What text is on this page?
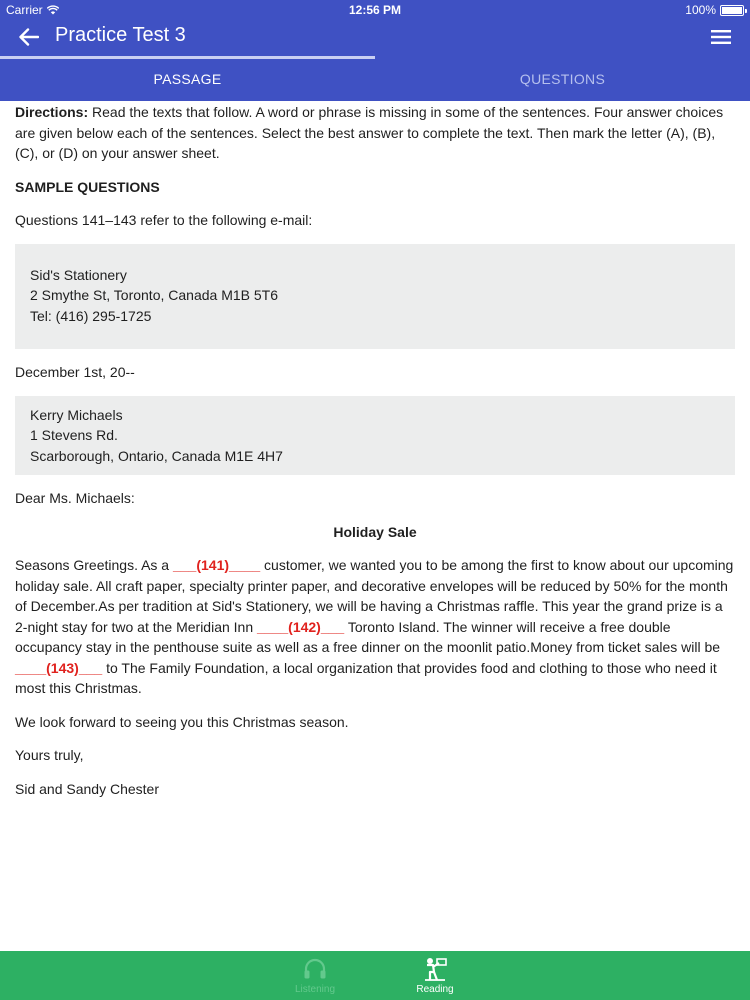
Carrier	12:56 PM	100%
Practice Test 3
PASSAGE	QUESTIONS

Directions: Read the texts that follow. A word or phrase is missing in some of the sentences. Four answer choices are given below each of the sentences. Select the best answer to complete the text. Then mark the letter (A), (B), (C), or (D) on your answer sheet.

SAMPLE QUESTIONS

Questions 141–143 refer to the following e-mail:

Sid's Stationery
2 Smythe St, Toronto, Canada M1B 5T6
Tel: (416) 295-1725

December 1st, 20--

Kerry Michaels
1 Stevens Rd.
Scarborough, Ontario, Canada M1E 4H7

Dear Ms. Michaels:

Holiday Sale

Seasons Greetings. As a ___(141)____ customer, we wanted you to be among the first to know about our upcoming holiday sale. All craft paper, specialty printer paper, and decorative envelopes will be reduced by 50% for the month of December.As per tradition at Sid's Stationery, we will be having a Christmas raffle. This year the grand prize is a 2-night stay for two at the Meridian Inn ____(142)___ Toronto Island. The winner will receive a free double occupancy stay in the penthouse suite as well as a free dinner on the moonlit patio.Money from ticket sales will be ____(143)___ to The Family Foundation, a local organization that provides food and clothing to those who need it most this Christmas.

We look forward to seeing you this Christmas season.

Yours truly,

Sid and Sandy Chester

Listening	Reading
